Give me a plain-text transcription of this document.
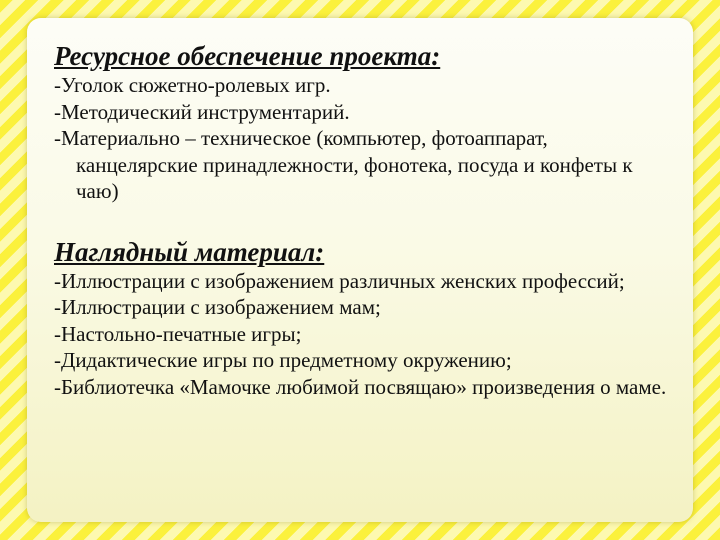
Ресурсное обеспечение проекта:
-Уголок сюжетно-ролевых игр.
-Методический инструментарий.
-Материально – техническое (компьютер, фотоаппарат, канцелярские принадлежности, фонотека, посуда и конфеты к чаю)
Наглядный материал:
-Иллюстрации с изображением различных женских профессий;
-Иллюстрации с изображением мам;
-Настольно-печатные игры;
-Дидактические игры по предметному окружению;
-Библиотечка «Мамочке любимой посвящаю» произведения о маме.
